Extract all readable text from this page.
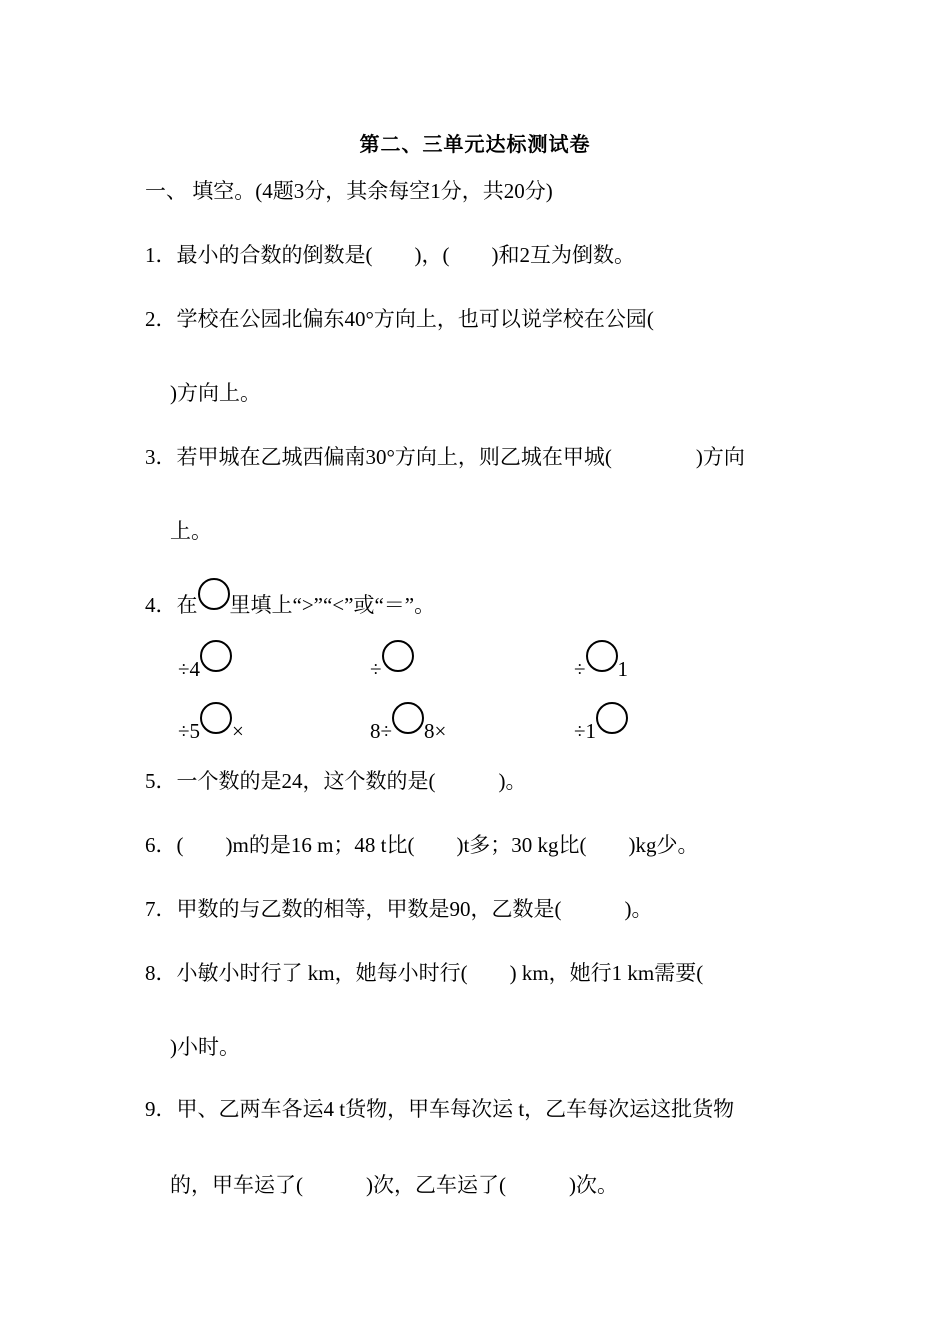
第二、三单元达标测试卷
一、 填空。(4题3分，其余每空1分，共20分)
1．最小的合数的倒数是(　　)，(　　)和2互为倒数。
2．学校在公园北偏东40°方向上，也可以说学校在公园(
)方向上。
3．若甲城在乙城西偏南30°方向上，则乙城在甲城(　　　　)方向
上。
4．在 里填上“>”“<”或“＝”。
÷4	÷	÷ 1
÷5 ×	8÷ 8×	÷1
5．一个数的是24，这个数的是(　　　)。
6．(　　)m的是16 m；48 t比(　　)t多；30 kg比(　　)kg少。
7．甲数的与乙数的相等，甲数是90，乙数是(　　　)。
8．小敏小时行了 km，她每小时行(　　) km，她行1 km需要(
)小时。
9．甲、乙两车各运4 t货物，甲车每次运 t，乙车每次运这批货物
的，甲车运了(　　　)次，乙车运了(　　　)次。
